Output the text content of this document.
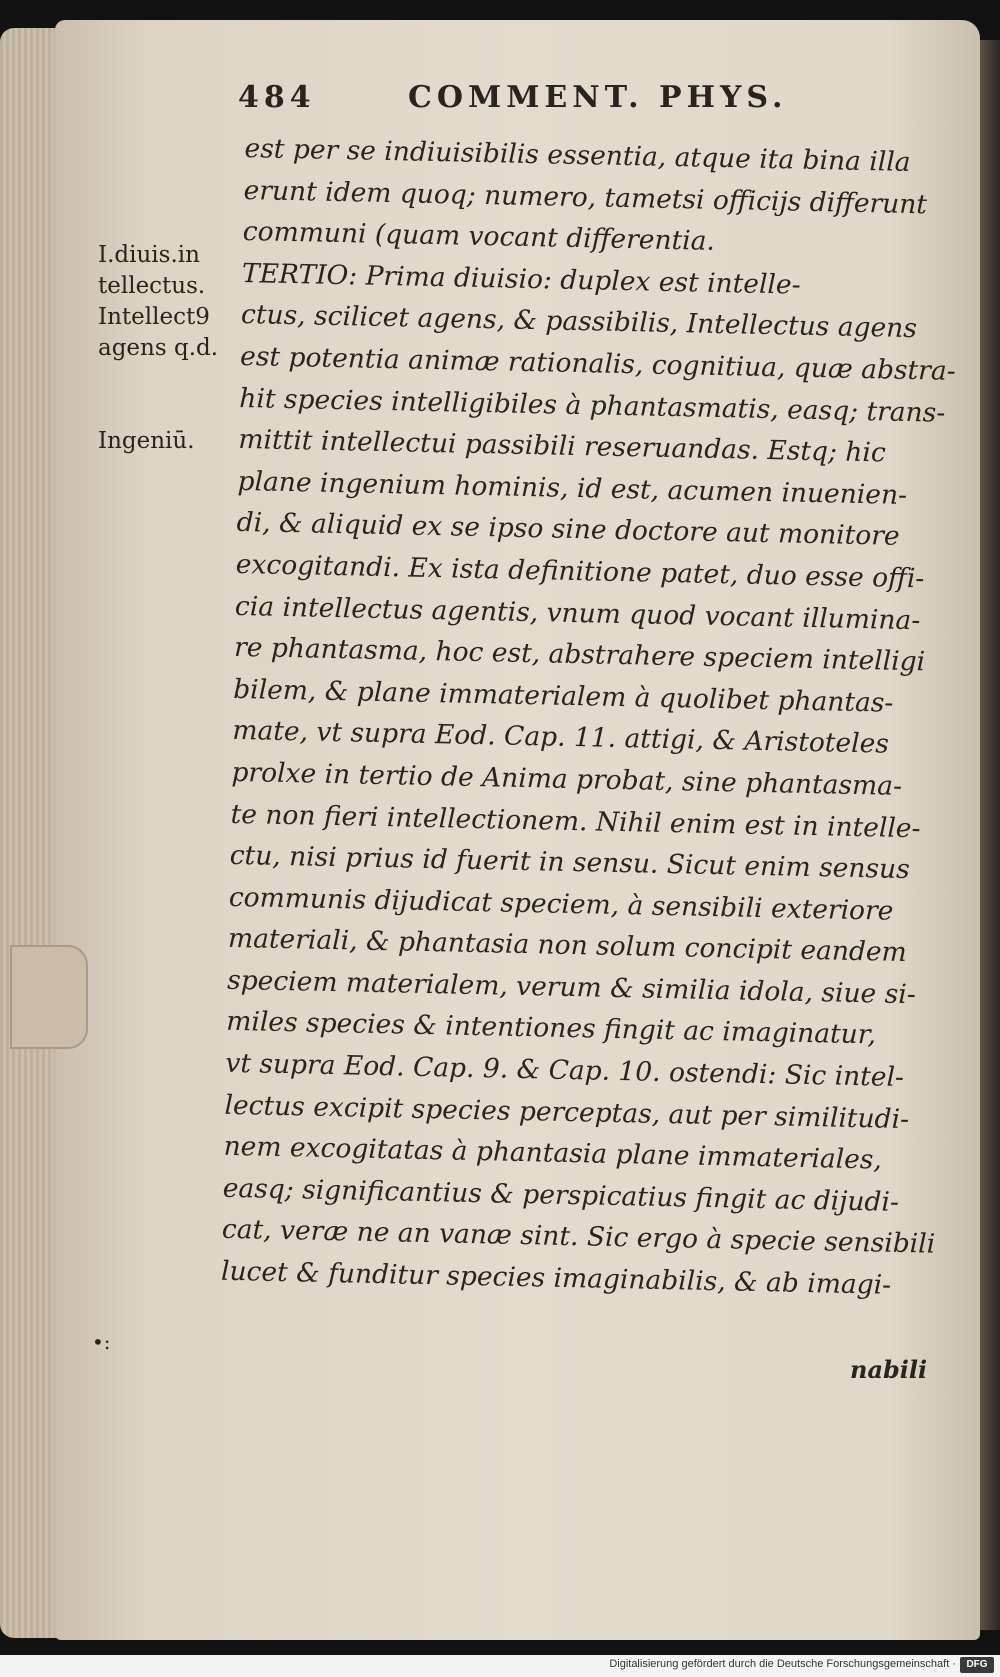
484	COMMENT. PHYS.
I.diuis.in
tellectus.
Intellect9
agens q.d.

Ingeniū.
est per se indiuisibilis essentia, atque ita bina illa
erunt idem quoq; numero, tametsi officijs differunt
communi (quam vocant differentia.
TERTIO: Prima diuisio: duplex est intelle-
ctus, scilicet agens, & passibilis, Intellectus agens
est potentia animæ rationalis, cognitiua, quæ abstra-
hit species intelligibiles à phantasmatis, easq; trans-
mittit intellectui passibili reseruandas. Estq; hic
plane ingenium hominis, id est, acumen inuenien-
di, & aliquid ex se ipso sine doctore aut monitore
excogitandi. Ex ista definitione patet, duo esse offi-
cia intellectus agentis, vnum quod vocant illumina-
re phantasma, hoc est, abstrahere speciem intelligi
bilem, & plane immaterialem à quolibet phantas-
mate, vt supra Eod. Cap. 11. attigi, & Aristoteles
prolxe in tertio de Anima probat, sine phantasma-
te non fieri intellectionem. Nihil enim est in intelle-
ctu, nisi prius id fuerit in sensu. Sicut enim sensus
communis dijudicat speciem, à sensibili exteriore
materiali, & phantasia non solum concipit eandem
speciem materialem, verum & similia idola, siue si-
miles species & intentiones fingit ac imaginatur,
vt supra Eod. Cap. 9. & Cap. 10. ostendi: Sic intel-
lectus excipit species perceptas, aut per similitudi-
nem excogitatas à phantasia plane immateriales,
easq; significantius & perspicatius fingit ac dijudi-
cat, veræ ne an vanæ sint. Sic ergo à specie sensibili
lucet & funditur species imaginabilis, & ab imagi-
•:
nabili
Digitalisierung gefördert durch die Deutsche Forschungsgemeinschaft ·	DFG
